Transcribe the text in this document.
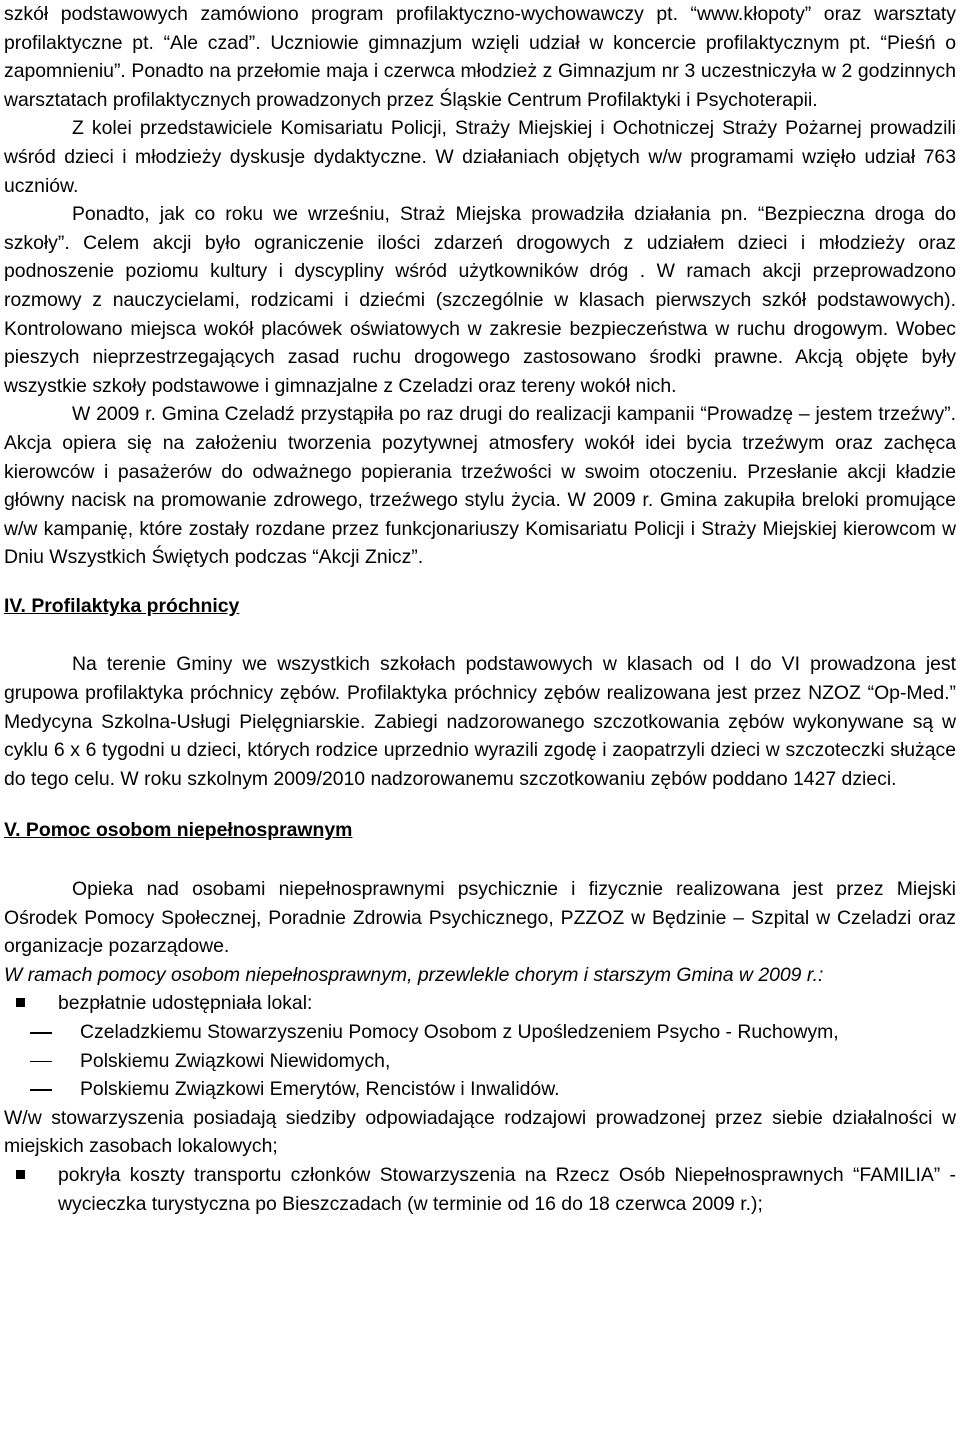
szkół podstawowych zamówiono program profilaktyczno-wychowawczy pt. “www.kłopoty” oraz warsztaty profilaktyczne pt. “Ale czad”. Uczniowie gimnazjum wzięli udział w koncercie profilaktycznym pt. “Pieśń o zapomnieniu”. Ponadto na przełomie maja i czerwca młodzież z Gimnazjum nr 3 uczestniczyła w 2 godzinnych warsztatach profilaktycznych prowadzonych przez Śląskie Centrum Profilaktyki i Psychoterapii.

Z kolei przedstawiciele Komisariatu Policji, Straży Miejskiej i Ochotniczej Straży Pożarnej prowadzili wśród dzieci i młodzieży dyskusje dydaktyczne. W działaniach objętych w/w programami wzięło udział 763 uczniów.

Ponadto, jak co roku we wrześniu, Straż Miejska prowadziła działania pn. “Bezpieczna droga do szkoły”. Celem akcji było ograniczenie ilości zdarzeń drogowych z udziałem dzieci i młodzieży oraz podnoszenie poziomu kultury i dyscypliny wśród użytkowników dróg . W ramach akcji przeprowadzono rozmowy z nauczycielami, rodzicami i dziećmi (szczególnie w klasach pierwszych szkół podstawowych). Kontrolowano miejsca wokół placówek oświatowych w zakresie bezpieczeństwa w ruchu drogowym. Wobec pieszych nieprzestrzegających zasad ruchu drogowego zastosowano środki prawne. Akcją objęte były wszystkie szkoły podstawowe i gimnazjalne z Czeladzi oraz tereny wokół nich.

W 2009 r. Gmina Czeladź przystąpiła po raz drugi do realizacji kampanii “Prowadzę – jestem trzeźwy”. Akcja opiera się na założeniu tworzenia pozytywnej atmosfery wokół idei bycia trzeźwym oraz zachęca kierowców i pasażerów do odważnego popierania trzeźwości w swoim otoczeniu. Przesłanie akcji kładzie główny nacisk na promowanie zdrowego, trzeźwego stylu życia. W 2009 r. Gmina zakupiła breloki promujące w/w kampanię, które zostały rozdane przez funkcjonariuszy Komisariatu Policji i Straży Miejskiej kierowcom w Dniu Wszystkich Świętych podczas “Akcji Znicz”.

IV. Profilaktyka próchnicy

Na terenie Gminy we wszystkich szkołach podstawowych w klasach od I do VI prowadzona jest grupowa profilaktyka próchnicy zębów. Profilaktyka próchnicy zębów realizowana jest przez NZOZ “Op-Med.” Medycyna Szkolna-Usługi Pielęgniarskie. Zabiegi nadzorowanego szczotkowania zębów wykonywane są w cyklu 6 x 6 tygodni u dzieci, których rodzice uprzednio wyrazili zgodę i zaopatrzyli dzieci w szczoteczki służące do tego celu. W roku szkolnym 2009/2010 nadzorowanemu szczotkowaniu zębów poddano 1427 dzieci.

V. Pomoc osobom niepełnosprawnym

Opieka nad osobami niepełnosprawnymi psychicznie i fizycznie realizowana jest przez Miejski Ośrodek Pomocy Społecznej, Poradnie Zdrowia Psychicznego, PZZOZ w Będzinie – Szpital w Czeladzi oraz organizacje pozarządowe.

W ramach pomocy osobom niepełnosprawnym, przewlekle chorym i starszym Gmina w 2009 r.:

bezpłatnie udostępniała lokal:
Czeladzkiemu Stowarzyszeniu Pomocy Osobom z Upośledzeniem Psycho - Ruchowym,
Polskiemu Związkowi Niewidomych,
Polskiemu Związkowi Emerytów, Rencistów i Inwalidów.

W/w stowarzyszenia posiadają siedziby odpowiadające rodzajowi prowadzonej przez siebie działalności w miejskich zasobach lokalowych;

pokryła koszty transportu członków Stowarzyszenia na Rzecz Osób Niepełnosprawnych “FAMILIA” - wycieczka turystyczna po Bieszczadach (w terminie od 16 do 18 czerwca 2009 r.);
